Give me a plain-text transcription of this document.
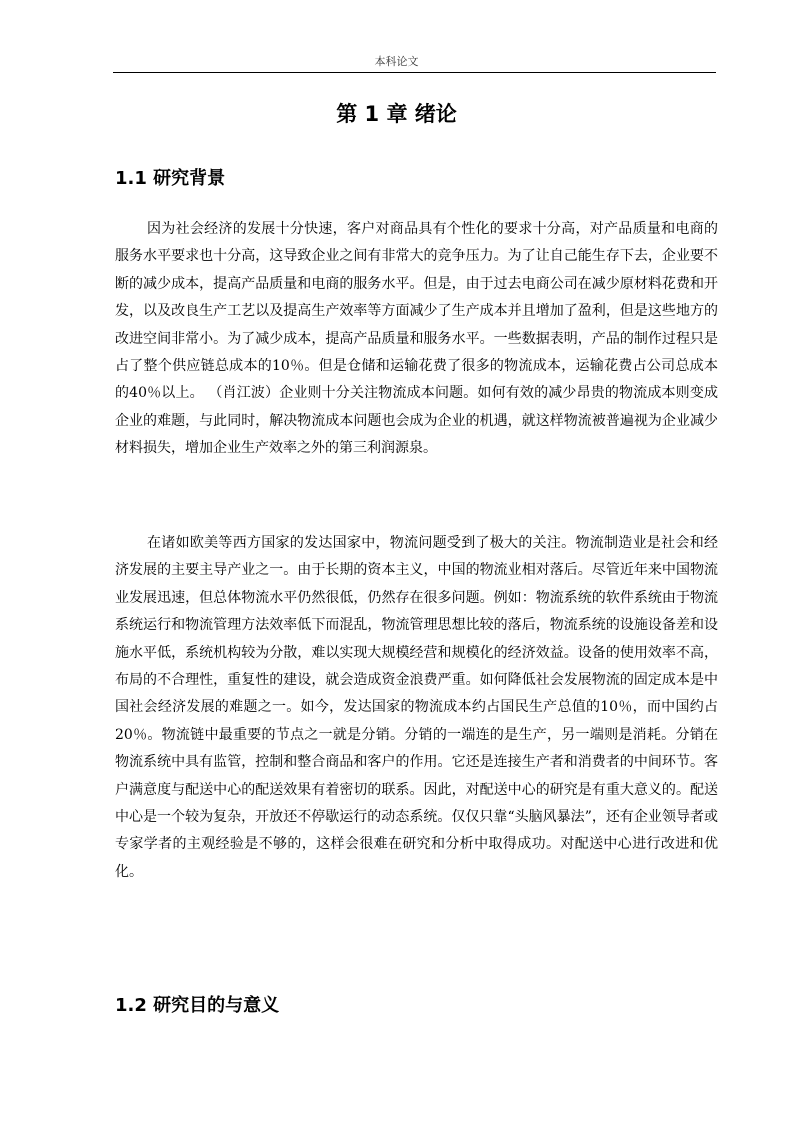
本科论文
第 1 章 绪论
1.1 研究背景

因为社会经济的发展十分快速，客户对商品具有个性化的要求十分高，对产品质量和电商的服务水平要求也十分高，这导致企业之间有非常大的竞争压力。为了让自己能生存下去，企业要不断的减少成本，提高产品质量和电商的服务水平。但是，由于过去电商公司在减少原材料花费和开发，以及改良生产工艺以及提高生产效率等方面减少了生产成本并且增加了盈利，但是这些地方的改进空间非常小。为了减少成本，提高产品质量和服务水平。一些数据表明，产品的制作过程只是占了整个供应链总成本的10％。但是仓储和运输花费了很多的物流成本，运输花费占公司总成本的40％以上。 （肖江波）企业则十分关注物流成本问题。如何有效的减少昂贵的物流成本则变成企业的难题，与此同时，解决物流成本问题也会成为企业的机遇，就这样物流被普遍视为企业减少材料损失，增加企业生产效率之外的第三利润源泉。

在诸如欧美等西方国家的发达国家中，物流问题受到了极大的关注。物流制造业是社会和经济发展的主要主导产业之一。由于长期的资本主义，中国的物流业相对落后。尽管近年来中国物流业发展迅速，但总体物流水平仍然很低，仍然存在很多问题。例如：物流系统的软件系统由于物流系统运行和物流管理方法效率低下而混乱，物流管理思想比较的落后，物流系统的设施设备差和设施水平低，系统机构较为分散，难以实现大规模经营和规模化的经济效益。设备的使用效率不高，布局的不合理性，重复性的建设，就会造成资金浪费严重。如何降低社会发展物流的固定成本是中国社会经济发展的难题之一。如今，发达国家的物流成本约占国民生产总值的10％，而中国约占20％。物流链中最重要的节点之一就是分销。分销的一端连的是生产，另一端则是消耗。分销在物流系统中具有监管，控制和整合商品和客户的作用。它还是连接生产者和消费者的中间环节。客户满意度与配送中心的配送效果有着密切的联系。因此，对配送中心的研究是有重大意义的。配送中心是一个较为复杂，开放还不停歇运行的动态系统。仅仅只靠“头脑风暴法”，还有企业领导者或专家学者的主观经验是不够的，这样会很难在研究和分析中取得成功。对配送中心进行改进和优化。

1.2 研究目的与意义
